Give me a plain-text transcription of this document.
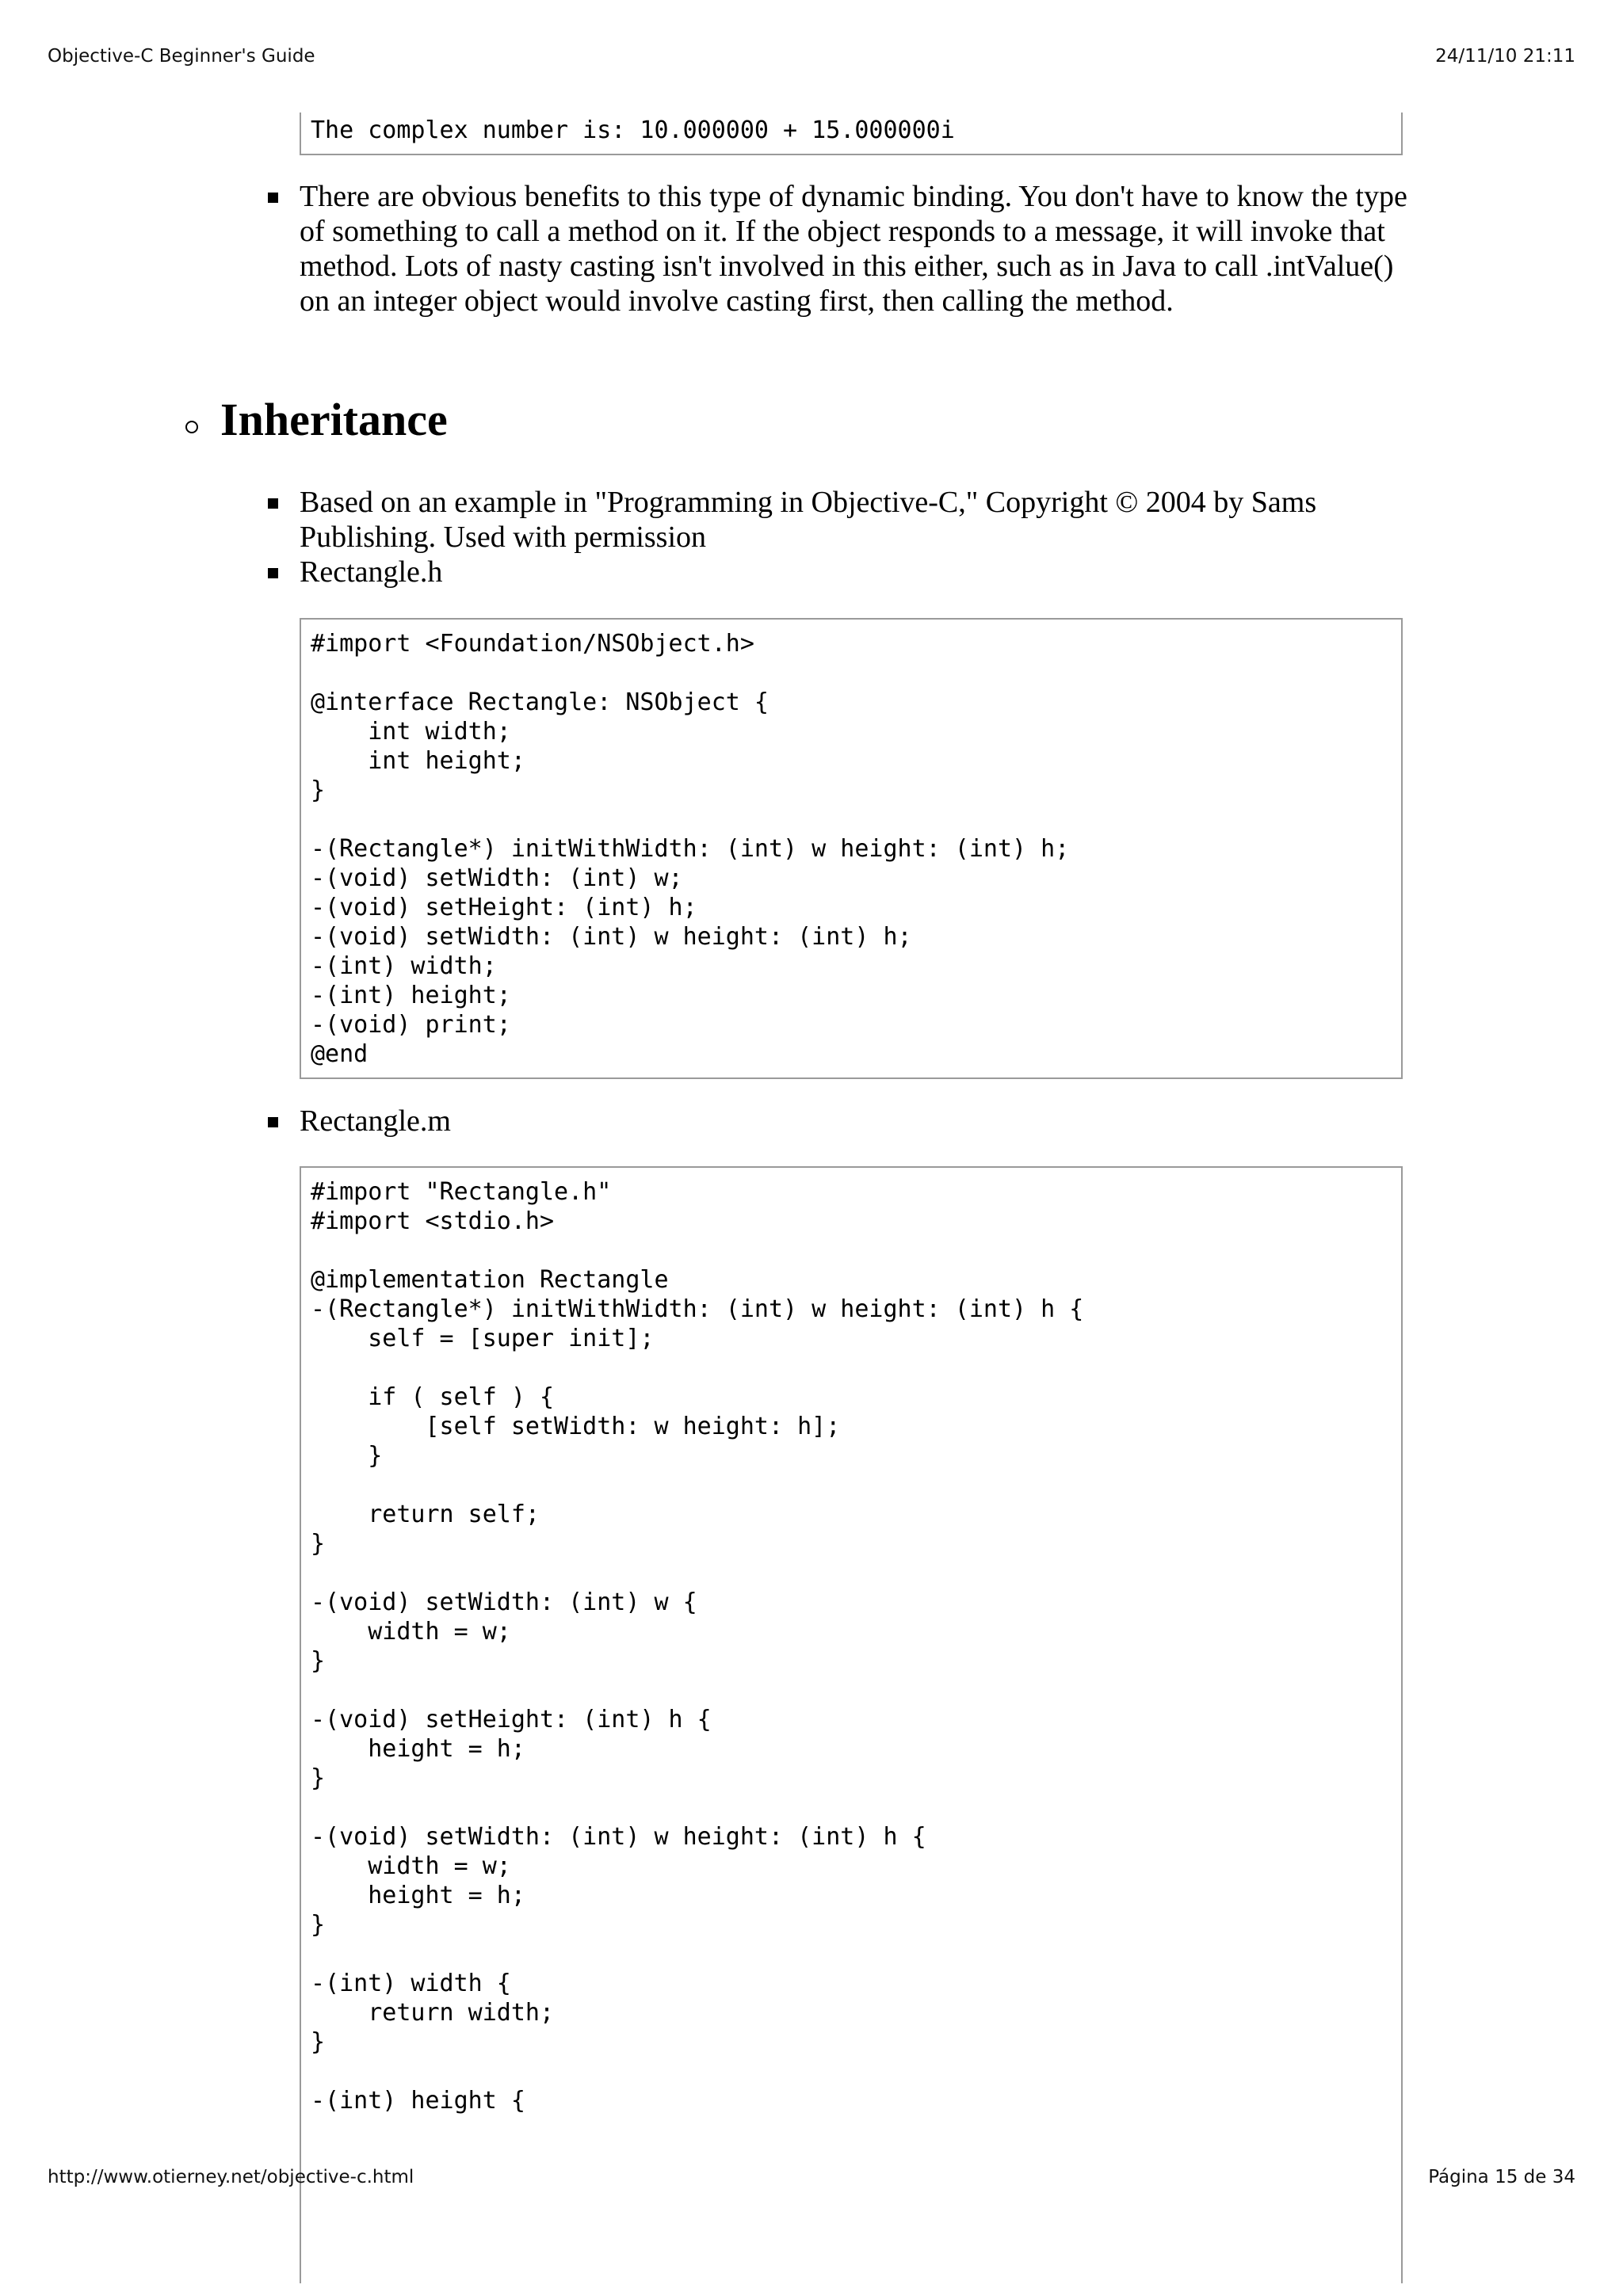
Objective-C Beginner's Guide	24/11/10 21:11
The complex number is: 10.000000 + 15.000000i
There are obvious benefits to this type of dynamic binding. You don't have to know the type of something to call a method on it. If the object responds to a message, it will invoke that method. Lots of nasty casting isn't involved in this either, such as in Java to call .intValue() on an integer object would involve casting first, then calling the method.
Inheritance
Based on an example in "Programming in Objective-C," Copyright © 2004 by Sams Publishing. Used with permission
Rectangle.h
#import <Foundation/NSObject.h>

@interface Rectangle: NSObject {
int width;
int height;
}

-(Rectangle*) initWithWidth: (int) w height: (int) h;
-(void) setWidth: (int) w;
-(void) setHeight: (int) h;
-(void) setWidth: (int) w height: (int) h;
-(int) width;
-(int) height;
-(void) print;
@end
Rectangle.m
#import "Rectangle.h"
#import <stdio.h>

@implementation Rectangle
-(Rectangle*) initWithWidth: (int) w height: (int) h {
self = [super init];

if ( self ) {
[self setWidth: w height: h];
}

return self;
}

-(void) setWidth: (int) w {
width = w;
}

-(void) setHeight: (int) h {
height = h;
}

-(void) setWidth: (int) w height: (int) h {
width = w;
height = h;
}

-(int) width {
return width;
}

-(int) height {
http://www.otierney.net/objective-c.html	Página 15 de 34
